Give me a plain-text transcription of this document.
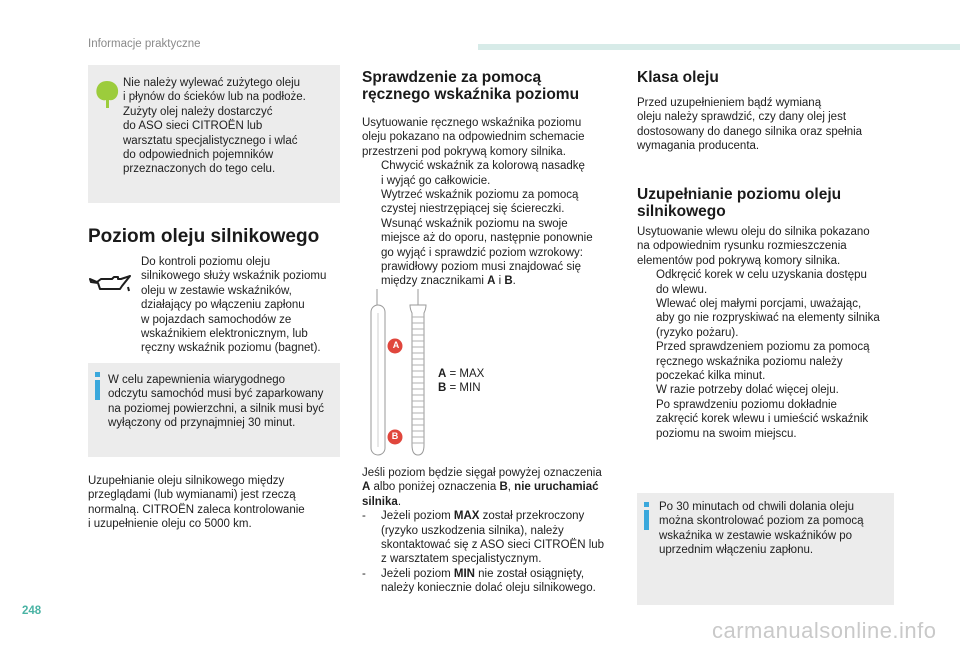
Informacje praktyczne

Nie należy wylewać zużytego oleju

i płynów do ścieków lub na podłoże.

Zużyty olej należy dostarczyć

do ASO sieci CITROËN lub

warsztatu specjalistycznego i wlać

do odpowiednich pojemników

przeznaczonych do tego celu.

Poziom oleju silnikowego

Do kontroli poziomu oleju

silnikowego służy wskaźnik poziomu

oleju w zestawie wskaźników,

działający po włączeniu zapłonu

w pojazdach samochodów ze

wskaźnikiem elektronicznym, lub

ręczny wskaźnik poziomu (bagnet).

W celu zapewnienia wiarygodnego

odczytu samochód musi być zaparkowany

na poziomej powierzchni, a silnik musi być

wyłączony od przynajmniej 30 minut.

Uzupełnianie oleju silnikowego między

przeglądami (lub wymianami) jest rzeczą

normalną. CITROËN zaleca kontrolowanie

i uzupełnienie oleju co 5000 km.

Sprawdzenie za pomocą
ręcznego wskaźnika poziomu

Usytuowanie ręcznego wskaźnika poziomu

oleju pokazano na odpowiednim schemacie

przestrzeni pod pokrywą komory silnika.

Chwycić wskaźnik za kolorową nasadkę

i wyjąć go całkowicie.

Wytrzeć wskaźnik poziomu za pomocą

czystej niestrzępiącej się ściereczki.

Wsunąć wskaźnik poziomu na swoje

miejsce aż do oporu, następnie ponownie

go wyjąć i sprawdzić poziom wzrokowy:

prawidłowy poziom musi znajdować się

między znacznikami A i B.

A
B

A = MAX

B = MIN

Jeśli poziom będzie sięgał powyżej oznaczenia

A albo poniżej oznaczenia B, nie uruchamiać

silnika.

- Jeżeli poziom MAX został przekroczony

(ryzyko uszkodzenia silnika), należy

skontaktować się z ASO sieci CITROËN lub

z warsztatem specjalistycznym.

- Jeżeli poziom MIN nie został osiągnięty,

należy koniecznie dolać oleju silnikowego.

Klasa oleju

Przed uzupełnieniem bądź wymianą

oleju należy sprawdzić, czy dany olej jest

dostosowany do danego silnika oraz spełnia

wymagania producenta.

Uzupełnianie poziomu oleju
silnikowego

Usytuowanie wlewu oleju do silnika pokazano

na odpowiednim rysunku rozmieszczenia

elementów pod pokrywą komory silnika.

Odkręcić korek w celu uzyskania dostępu

do wlewu.

Wlewać olej małymi porcjami, uważając,

aby go nie rozpryskiwać na elementy silnika

(ryzyko pożaru).

Przed sprawdzeniem poziomu za pomocą

ręcznego wskaźnika poziomu należy

poczekać kilka minut.

W razie potrzeby dolać więcej oleju.

Po sprawdzeniu poziomu dokładnie

zakręcić korek wlewu i umieścić wskaźnik

poziomu na swoim miejscu.

Po 30 minutach od chwili dolania oleju

można skontrolować poziom za pomocą

wskaźnika w zestawie wskaźników po

uprzednim włączeniu zapłonu.

248
carmanualsonline.info
